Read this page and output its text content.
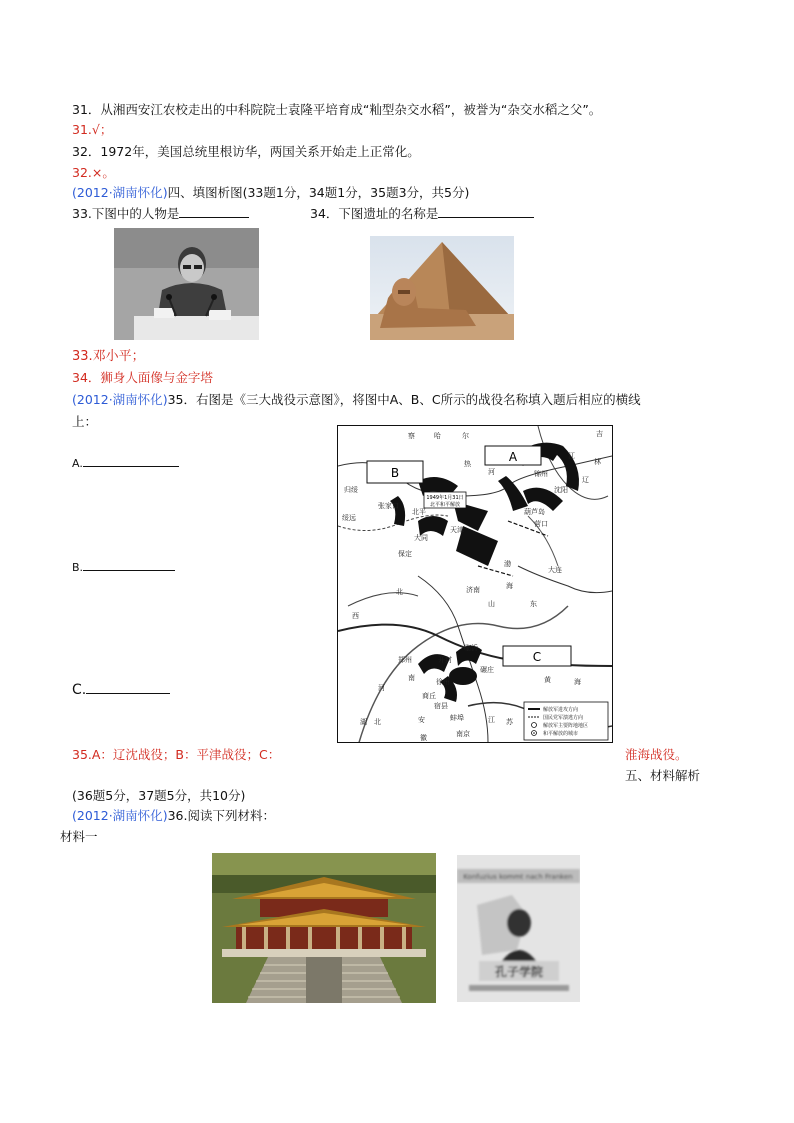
31．从湘西安江农校走出的中科院院士袁隆平培育成“籼型杂交水稻”，被誉为“杂交水稻之父”。
31.√；
32．1972年，美国总统里根访华，两国关系开始走上正常化。
32.×。
(2012·湖南怀化)四、填图析图(33题1分，34题1分，35题3分，共5分)
33.下图中的人物是	34．下图遗址的名称是
33.邓小平；
34．狮身人面像与金字塔
(2012·湖南怀化)35．右图是《三大战役示意图》，将图中A、B、C所示的战役名称填入题后相应的横线
上：
A.
B.
C.
B
A
C
1949年1月31日
北平和平解放
察	哈	尔
热
河
吉
林
辽
江
归绥
绥远
张家口
北平
大同
保定
天津
葫芦岛
锦州
沈阳
营口
大连
渤
海
北
西
济南
山	东
开封
郑州
临沂
碾庄
徐州
商丘
宿县
蚌埠
南京
黄	海
河
南
江 苏
湖 北	安
徽
解放军进攻方向
国民党军溃逃方向
解放军主要阵地地区
和平解放的城市
35.A：辽沈战役；B：平津战役；C：	淮海战役。
五、材料解析
(36题5分，37题5分，共10分)
(2012·湖南怀化)36.阅读下列材料：
材料一
Konfuzius kommt nach Franken
孔子学院
